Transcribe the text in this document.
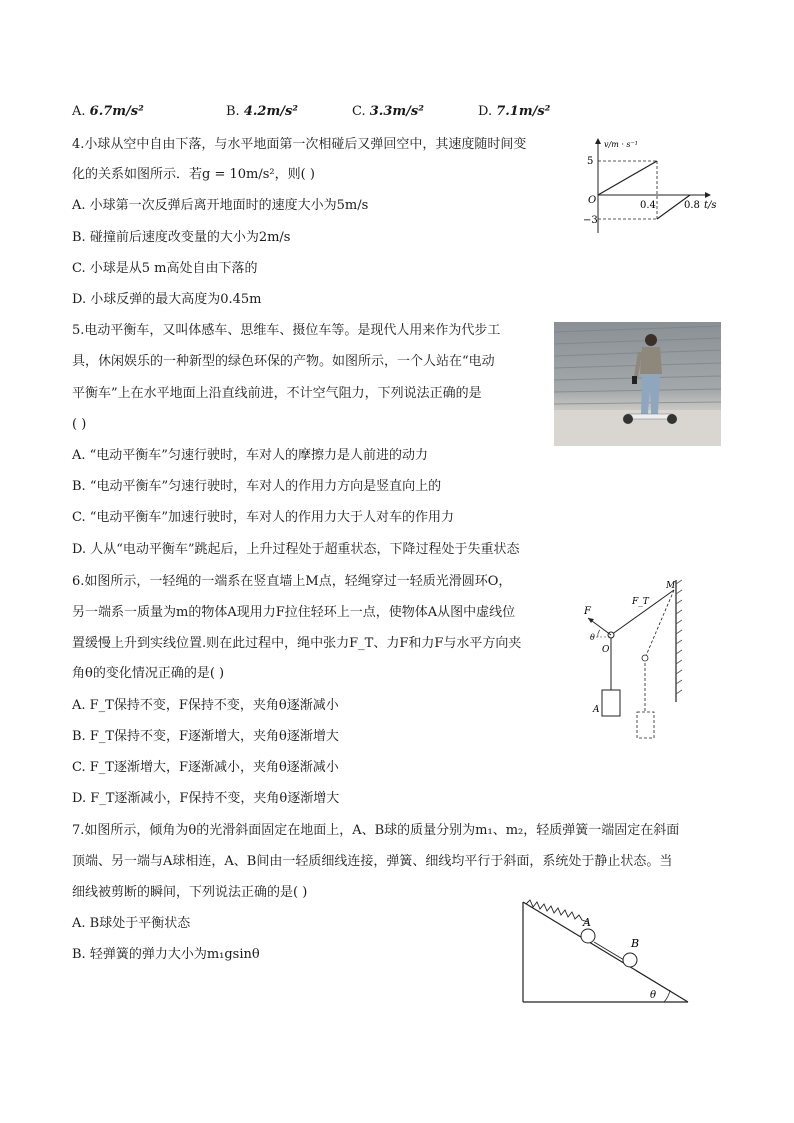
A. 6.7m/s²	B. 4.2m/s²	C. 3.3m/s²	D. 7.1m/s²
4.小球从空中自由下落，与水平地面第一次相碰后又弹回空中，其速度随时间变
化的关系如图所示．若g = 10m/s²，则( )
A. 小球第一次反弹后离开地面时的速度大小为5m/s
B. 碰撞前后速度改变量的大小为2m/s
C. 小球是从5 m高处自由下落的
D. 小球反弹的最大高度为0.45m
v/m · s⁻¹
t/s
O
5
−3
0.4	0.8
5.电动平衡车，又叫体感车、思维车、摄位车等。是现代人用来作为代步工
具，休闲娱乐的一种新型的绿色环保的产物。如图所示，一个人站在“电动
平衡车”上在水平地面上沿直线前进，不计空气阻力，下列说法正确的是
( )
A. “电动平衡车”匀速行驶时，车对人的摩擦力是人前进的动力
B. “电动平衡车”匀速行驶时，车对人的作用力方向是竖直向上的
C. “电动平衡车”加速行驶时，车对人的作用力大于人对车的作用力
D. 人从“电动平衡车”跳起后，上升过程处于超重状态，下降过程处于失重状态
6.如图所示，一轻绳的一端系在竖直墙上M点，轻绳穿过一轻质光滑圆环O，
另一端系一质量为m的物体A现用力F拉住轻环上一点，使物体A从图中虚线位
置缓慢上升到实线位置.则在此过程中，绳中张力F_T、力F和力F与水平方向夹
角θ的变化情况正确的是( )
A. F_T保持不变，F保持不变，夹角θ逐渐减小
B. F_T保持不变，F逐渐增大，夹角θ逐渐增大
C. F_T逐渐增大，F逐渐减小，夹角θ逐渐减小
D. F_T逐渐减小，F保持不变，夹角θ逐渐增大
F
F_T
M
O
A
θ
7.如图所示，倾角为θ的光滑斜面固定在地面上，A、B球的质量分别为m₁、m₂，轻质弹簧一端固定在斜面
顶端、另一端与A球相连，A、B间由一轻质细线连接，弹簧、细线均平行于斜面，系统处于静止状态。当
细线被剪断的瞬间，下列说法正确的是( )
A. B球处于平衡状态
B. 轻弹簧的弹力大小为m₁gsinθ
A
B
θ
